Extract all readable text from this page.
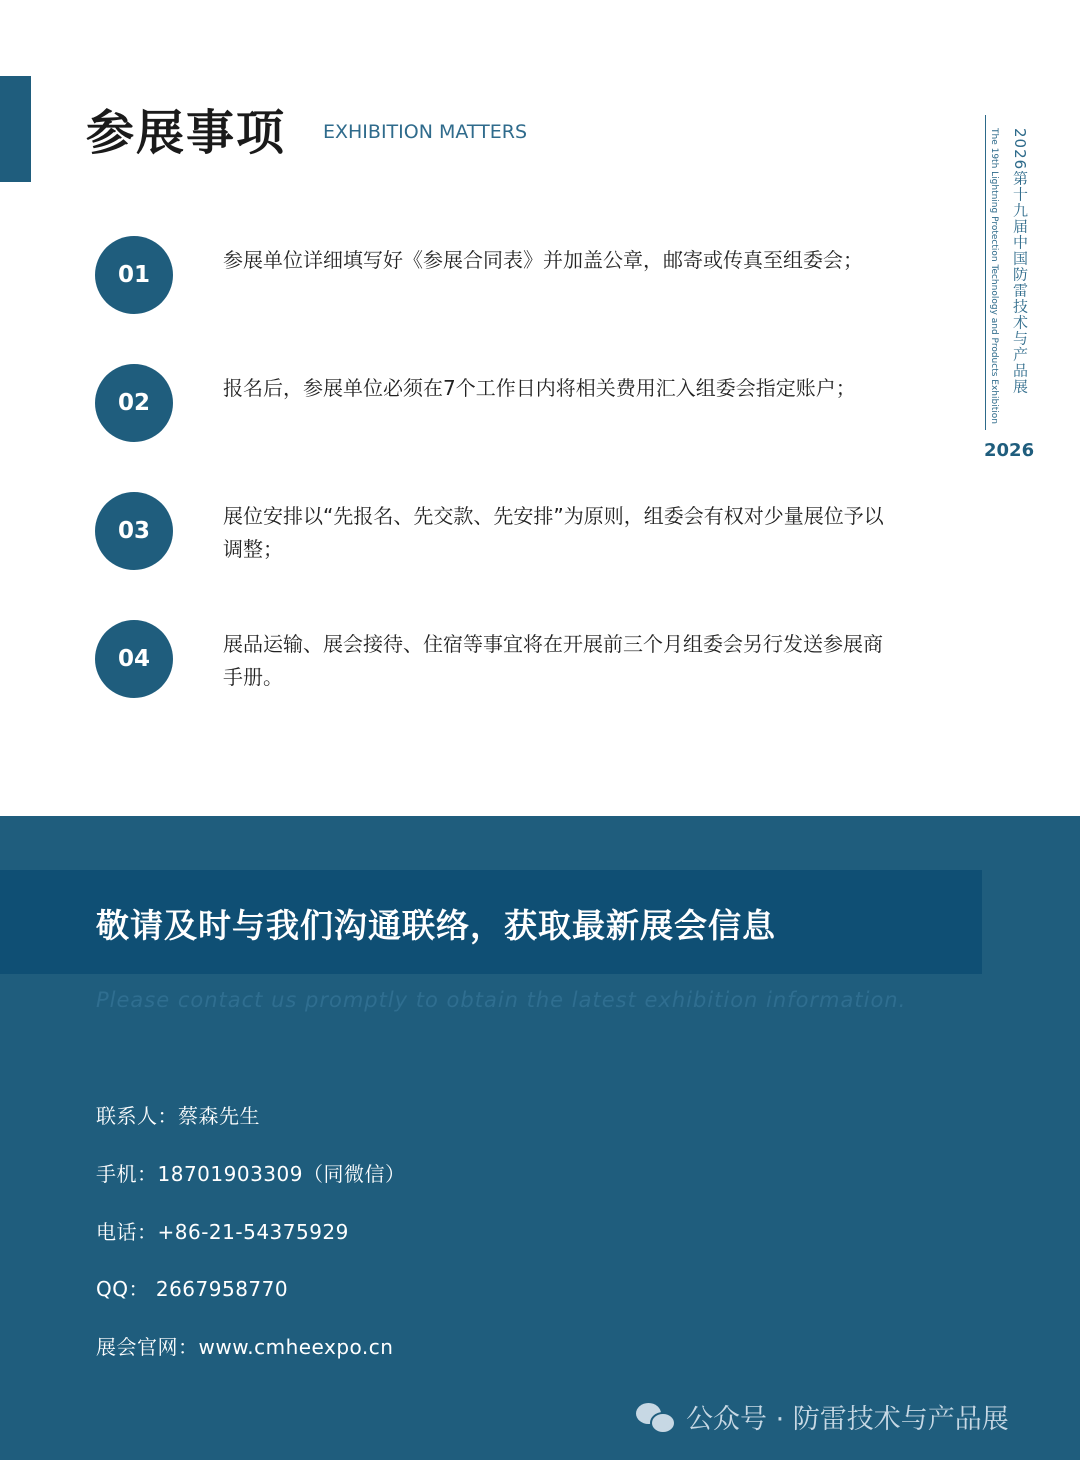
参展事项 EXHIBITION MATTERS	2026第十九届中国防雷技术与产品展
The 19th Lightning Protection Technology and Products Exhibition
2026
01
参展单位详细填写好《参展合同表》并加盖公章，邮寄或传真至组委会；
02
报名后，参展单位必须在7个工作日内将相关费用汇入组委会指定账户；
03
展位安排以“先报名、先交款、先安排”为原则，组委会有权对少量展位予以调整；
04
展品运输、展会接待、住宿等事宜将在开展前三个月组委会另行发送参展商手册。
敬请及时与我们沟通联络，获取最新展会信息
Please contact us promptly to obtain the latest exhibition information.
联系人：蔡森先生
手机：18701903309（同微信）
电话：+86-21-54375929
QQ： 2667958770
展会官网：www.cmheexpo.cn
公众号 · 防雷技术与产品展
